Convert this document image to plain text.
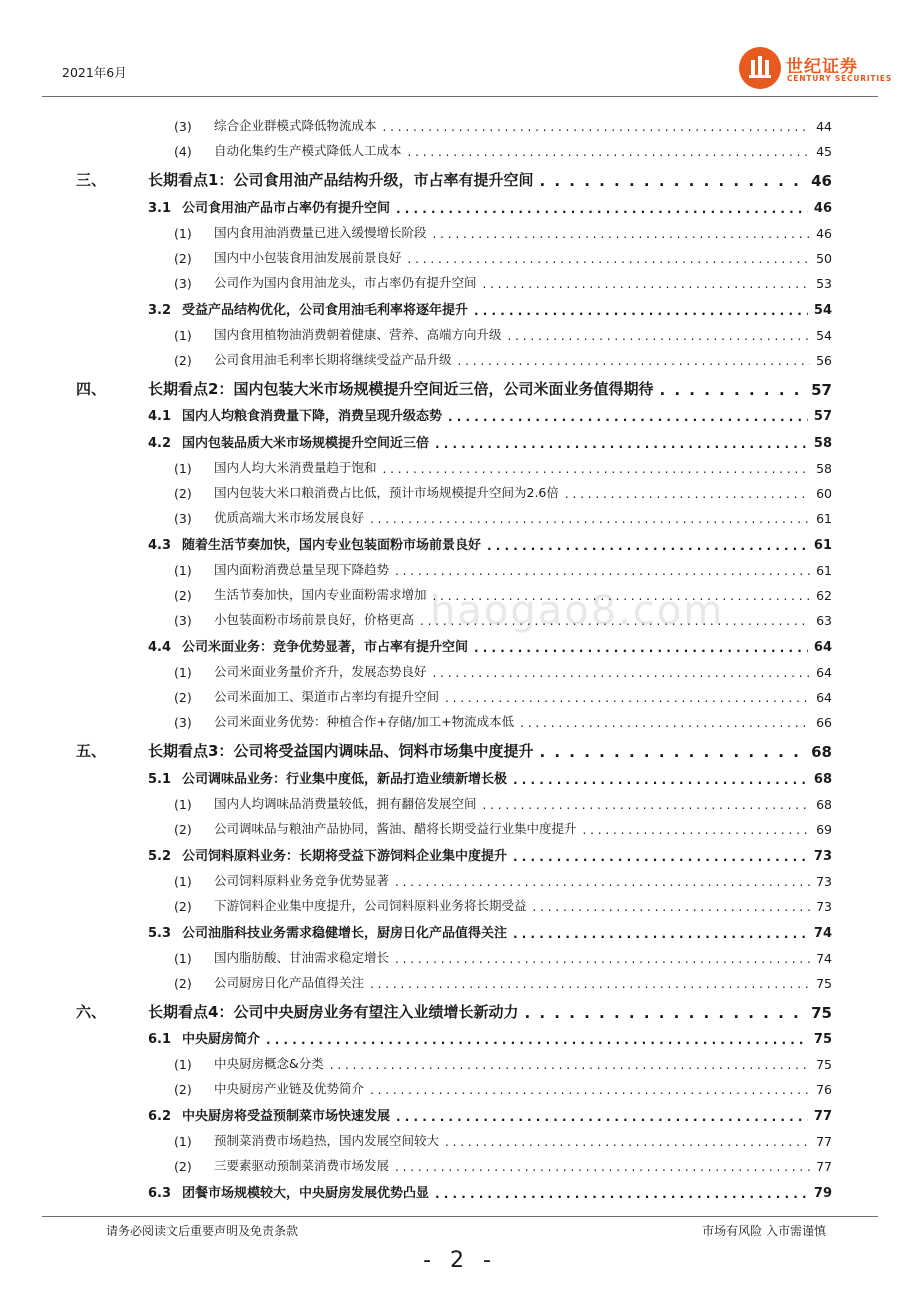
2021年6月	世纪证券
CENTURY SECURITIES
haogao8.com
(3)	综合企业群模式降低物流成本 . . .	44
(4)	自动化集约生产模式降低人工成本 . . .	45
三、	长期看点1：公司食用油产品结构升级，市占率有提升空间 . . .	46
3.1 公司食用油产品市占率仍有提升空间 . . .	46
(1)	国内食用油消费量已进入缓慢增长阶段 . . .	46
(2)	国内中小包装食用油发展前景良好 . . .	50
(3)	公司作为国内食用油龙头，市占率仍有提升空间 . . .	53
3.2 受益产品结构优化，公司食用油毛利率将逐年提升 . . .	54
(1)	国内食用植物油消费朝着健康、营养、高端方向升级 . . .	54
(2)	公司食用油毛利率长期将继续受益产品升级 . . .	56
四、	长期看点2：国内包装大米市场规模提升空间近三倍，公司米面业务值得期待 . . .	57
4.1 国内人均粮食消费量下降，消费呈现升级态势 . . .	57
4.2 国内包装品质大米市场规模提升空间近三倍 . . .	58
(1)	国内人均大米消费量趋于饱和 . . .	58
(2)	国内包装大米口粮消费占比低，预计市场规模提升空间为2.6倍 . . .	60
(3)	优质高端大米市场发展良好 . . .	61
4.3 随着生活节奏加快，国内专业包装面粉市场前景良好 . . .	61
(1)	国内面粉消费总量呈现下降趋势 . . .	61
(2)	生活节奏加快，国内专业面粉需求增加 . . .	62
(3)	小包装面粉市场前景良好，价格更高 . . .	63
4.4 公司米面业务：竞争优势显著，市占率有提升空间 . . .	64
(1)	公司米面业务量价齐升，发展态势良好 . . .	64
(2)	公司米面加工、渠道市占率均有提升空间 . . .	64
(3)	公司米面业务优势：种植合作+存储/加工+物流成本低 . . .	66
五、	长期看点3：公司将受益国内调味品、饲料市场集中度提升 . . .	68
5.1 公司调味品业务：行业集中度低，新品打造业绩新增长极 . . .	68
(1)	国内人均调味品消费量较低，拥有翻倍发展空间 . . .	68
(2)	公司调味品与粮油产品协同，酱油、醋将长期受益行业集中度提升 . . .	69
5.2 公司饲料原料业务：长期将受益下游饲料企业集中度提升 . . .	73
(1)	公司饲料原料业务竞争优势显著 . . .	73
(2)	下游饲料企业集中度提升，公司饲料原料业务将长期受益 . . .	73
5.3 公司油脂科技业务需求稳健增长，厨房日化产品值得关注 . . .	74
(1)	国内脂肪酸、甘油需求稳定增长 . . .	74
(2)	公司厨房日化产品值得关注 . . .	75
六、	长期看点4：公司中央厨房业务有望注入业绩增长新动力 . . .	75
6.1 中央厨房简介 . . .	75
(1)	中央厨房概念&分类 . . .	75
(2)	中央厨房产业链及优势简介 . . .	76
6.2 中央厨房将受益预制菜市场快速发展 . . .	77
(1)	预制菜消费市场趋热，国内发展空间较大 . . .	77
(2)	三要素驱动预制菜消费市场发展 . . .	77
6.3 团餐市场规模较大，中央厨房发展优势凸显 . . .	79
请务必阅读文后重要声明及免责条款	市场有风险 入市需谨慎
- 2 -
